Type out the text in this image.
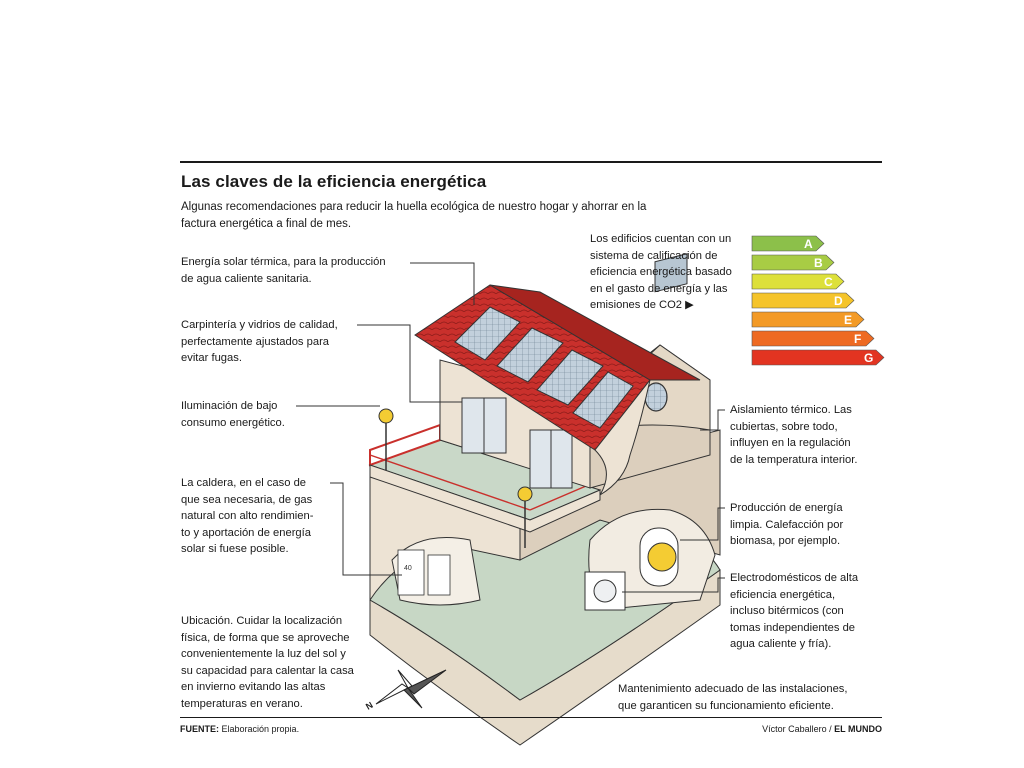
40
A
B
C
D
E
F
G
N
Las claves de la eficiencia energética
Algunas recomendaciones para reducir la huella ecológica de nuestro hogar y ahorrar en la factura energética a final de mes.
Energía solar térmica, para la producción
de agua caliente sanitaria.
Carpintería y vidrios de calidad,
perfectamente ajustados para
evitar fugas.
Iluminación de bajo
consumo energético.
La caldera, en el caso de
que sea necesaria, de gas
natural con alto rendimien-
to y aportación de energía
solar si fuese posible.
Ubicación. Cuidar la localización
física, de forma que se aproveche
convenientemente la luz del sol y
su capacidad para calentar la casa
en invierno evitando las altas
temperaturas en verano.
Los edificios cuentan con un
sistema de calificación de
eficiencia energética basado
en el gasto de energía y las
emisiones de CO2 ▶
Aislamiento térmico. Las
cubiertas, sobre todo,
influyen en la regulación
de la temperatura interior.
Producción de energía
limpia. Calefacción por
biomasa, por ejemplo.
Electrodomésticos de alta
eficiencia energética,
incluso bitérmicos (con
tomas independientes de
agua caliente y fría).
Mantenimiento adecuado de las instalaciones,
que garanticen su funcionamiento eficiente.
FUENTE: Elaboración propia.	Víctor Caballero / EL MUNDO
